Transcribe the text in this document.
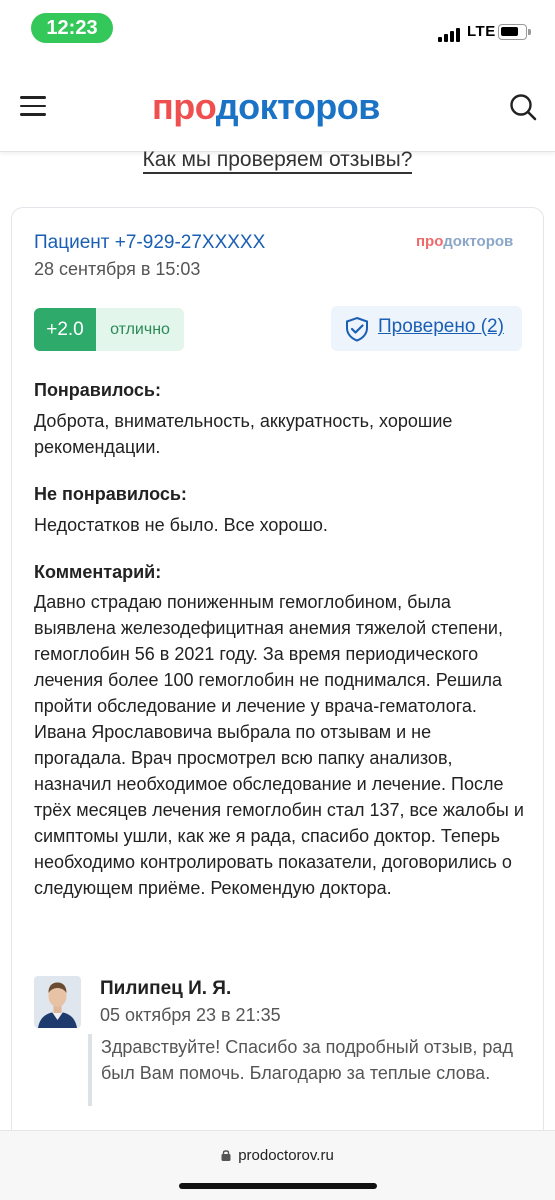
12:23	LTE
продокторов
Как мы проверяем отзывы?
Пациент +7-929-27XXXXX
28 сентября в 15:03
продокторов
+2.0	отлично	Проверено (2)
Понравилось:
Доброта, внимательность, аккуратность, хорошие рекомендации.
Не понравилось:
Недостатков не было. Все хорошо.
Комментарий:
Давно страдаю пониженным гемоглобином, была выявлена железодефицитная анемия тяжелой степени, гемоглобин 56 в 2021 году. За время периодического лечения более 100 гемоглобин не поднимался. Решила пройти обследование и лечение у врача-гематолога. Ивана Ярославовича выбрала по отзывам и не прогадала. Врач просмотрел всю папку анализов, назначил необходимое обследование и лечение. После трёх месяцев лечения гемоглобин стал 137, все жалобы и симптомы ушли, как же я рада, спасибо доктор. Теперь необходимо контролировать показатели, договорились о следующем приёме. Рекомендую доктора.
Пилипец И. Я.
05 октября 23 в 21:35
Здравствуйте! Спасибо за подробный отзыв, рад был Вам помочь. Благодарю за теплые слова.
prodoctorov.ru
